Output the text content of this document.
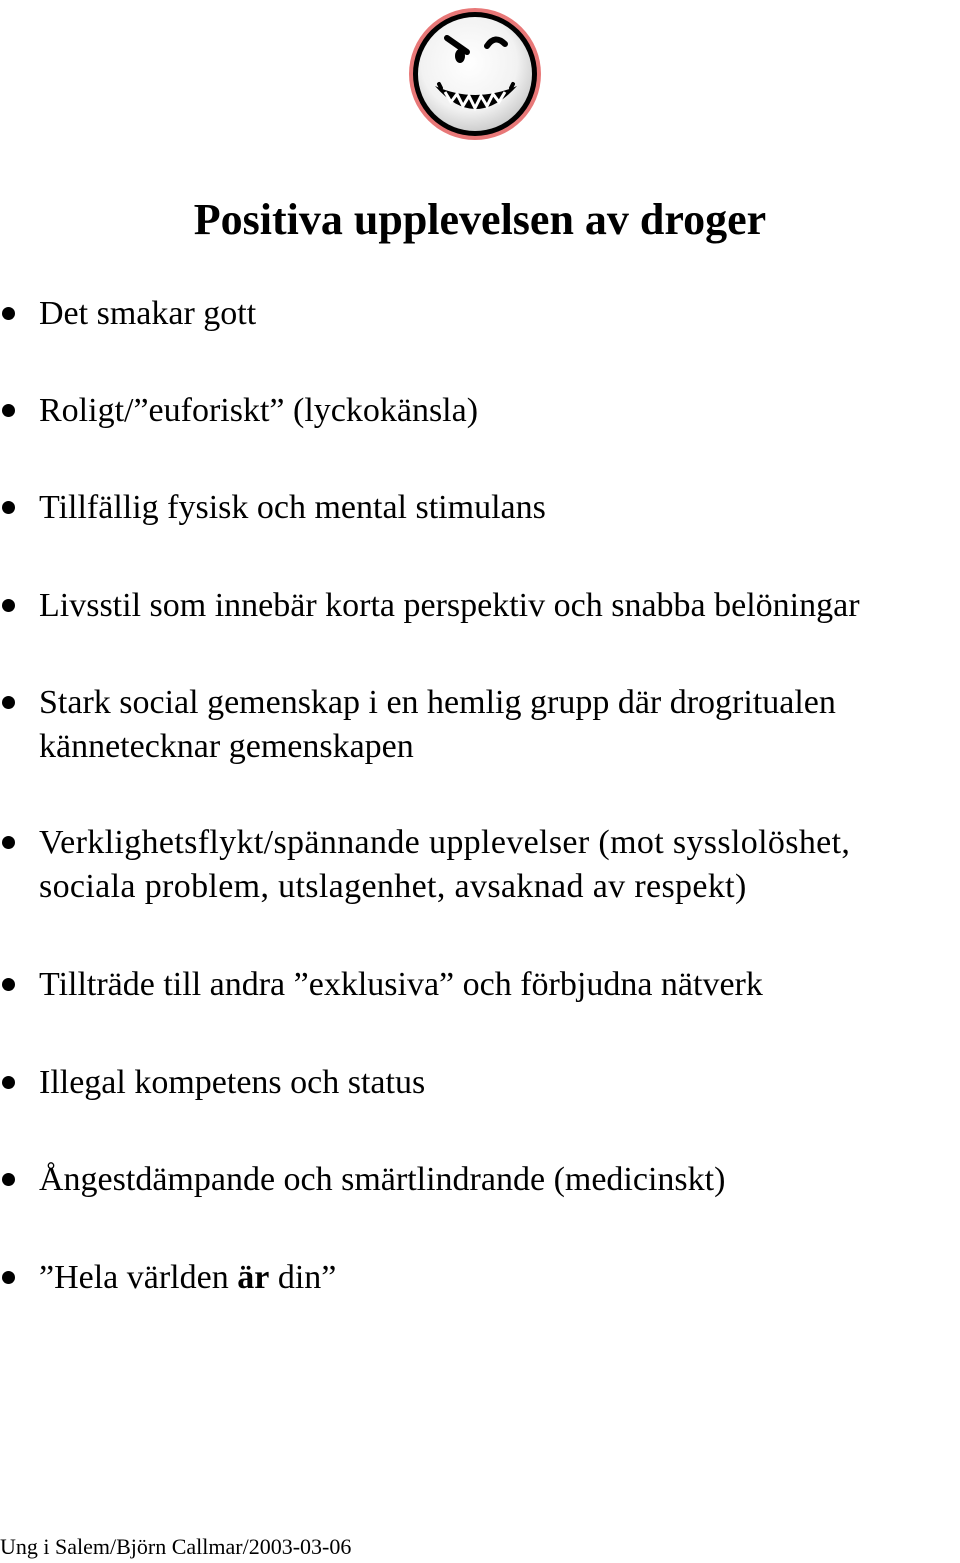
Positiva upplevelsen av droger
Det smakar gott
Roligt/”euforiskt” (lyckokänsla)
Tillfällig fysisk och mental stimulans
Livsstil som innebär korta perspektiv och snabba belöningar
Stark social gemenskap i en hemlig grupp där drogritualen
kännetecknar gemenskapen
Verklighetsflykt/spännande upplevelser (mot sysslolöshet,
sociala problem, utslagenhet, avsaknad av respekt)
Tillträde till andra ”exklusiva” och förbjudna nätverk
Illegal kompetens och status
Ångestdämpande och smärtlindrande (medicinskt)
”Hela världen är din”
Ung i Salem/Björn Callmar/2003-03-06
